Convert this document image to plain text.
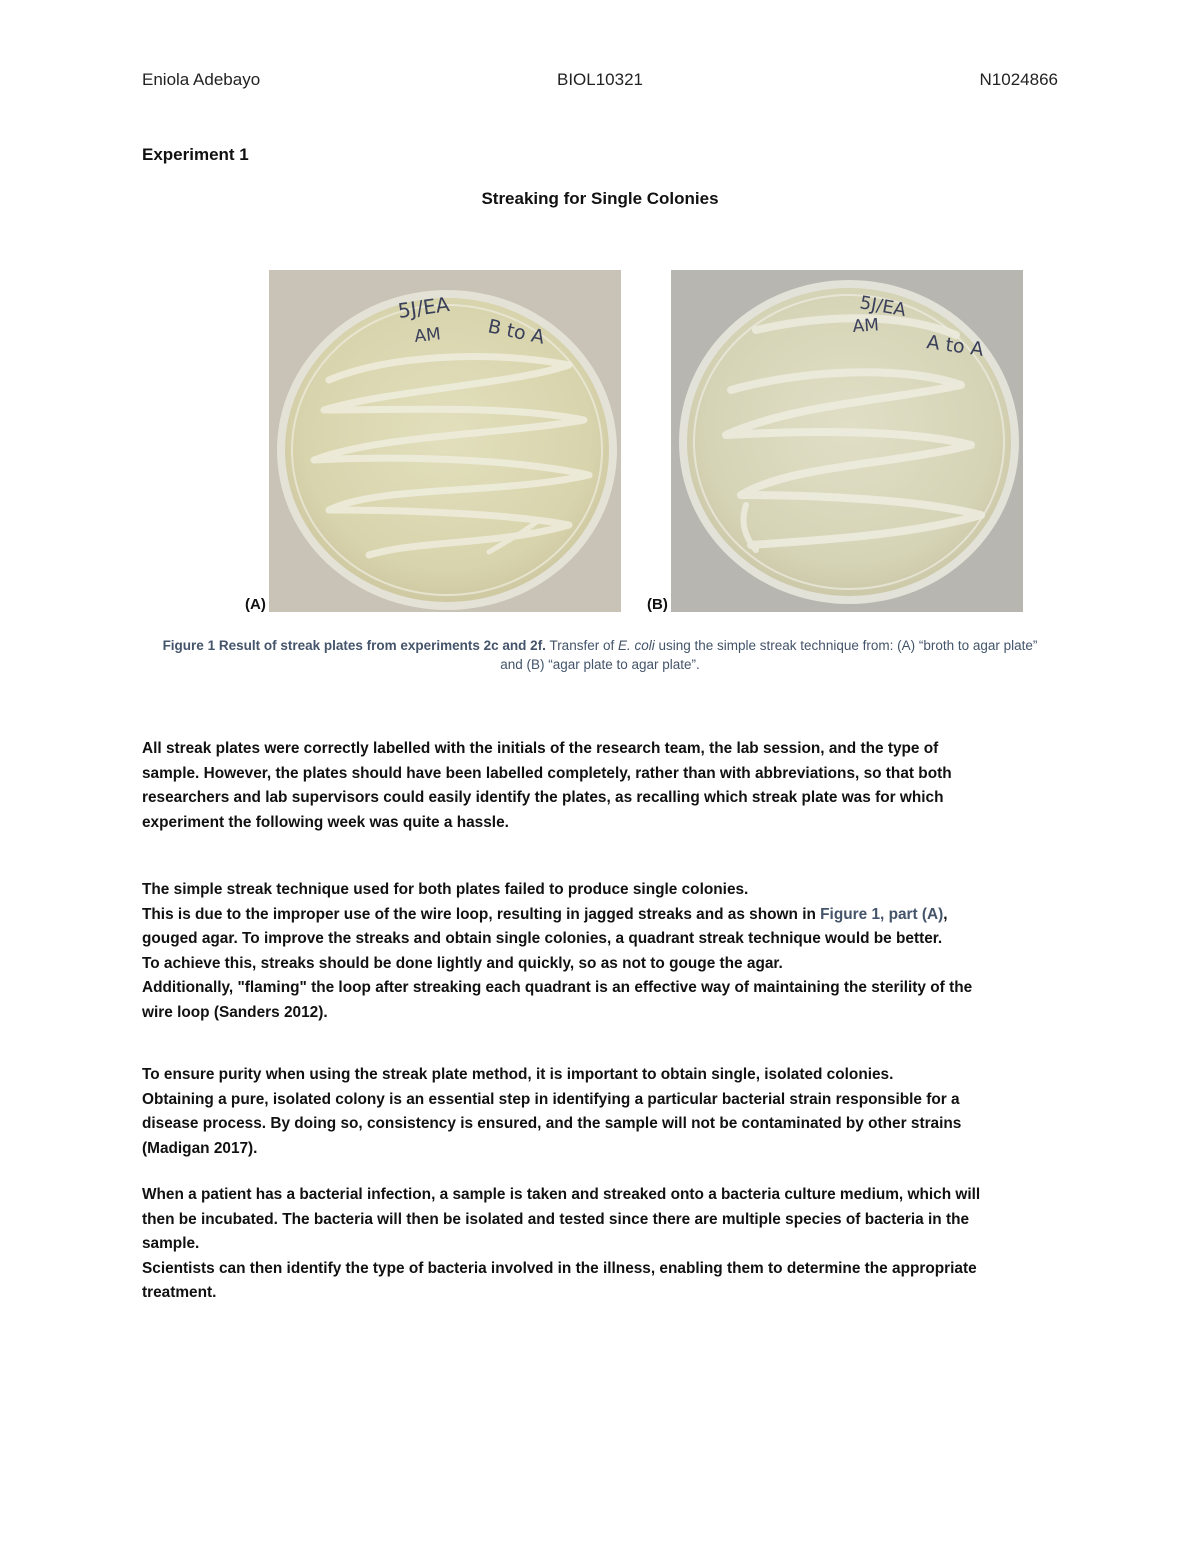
Eniola Adebayo	BIOL10321	N1024866
Experiment 1
Streaking for Single Colonies
5J/EA
AM B to A
5J/EA
AM
A to A
(A)	(B)
Figure 1 Result of streak plates from experiments 2c and 2f. Transfer of E. coli using the simple streak technique from: (A) “broth to agar plate” and (B) “agar plate to agar plate”.

All streak plates were correctly labelled with the initials of the research team, the lab session, and the type of

sample. However, the plates should have been labelled completely, rather than with abbreviations, so that both

researchers and lab supervisors could easily identify the plates, as recalling which streak plate was for which

experiment the following week was quite a hassle.

The simple streak technique used for both plates failed to produce single colonies.

This is due to the improper use of the wire loop, resulting in jagged streaks and as shown in Figure 1, part (A),

gouged agar. To improve the streaks and obtain single colonies, a quadrant streak technique would be better.

To achieve this, streaks should be done lightly and quickly, so as not to gouge the agar.

Additionally, "flaming" the loop after streaking each quadrant is an effective way of maintaining the sterility of the

wire loop (Sanders 2012).

To ensure purity when using the streak plate method, it is important to obtain single, isolated colonies.

Obtaining a pure, isolated colony is an essential step in identifying a particular bacterial strain responsible for a

disease process. By doing so, consistency is ensured, and the sample will not be contaminated by other strains

(Madigan 2017).

When a patient has a bacterial infection, a sample is taken and streaked onto a bacteria culture medium, which will

then be incubated. The bacteria will then be isolated and tested since there are multiple species of bacteria in the

sample.

Scientists can then identify the type of bacteria involved in the illness, enabling them to determine the appropriate

treatment.
